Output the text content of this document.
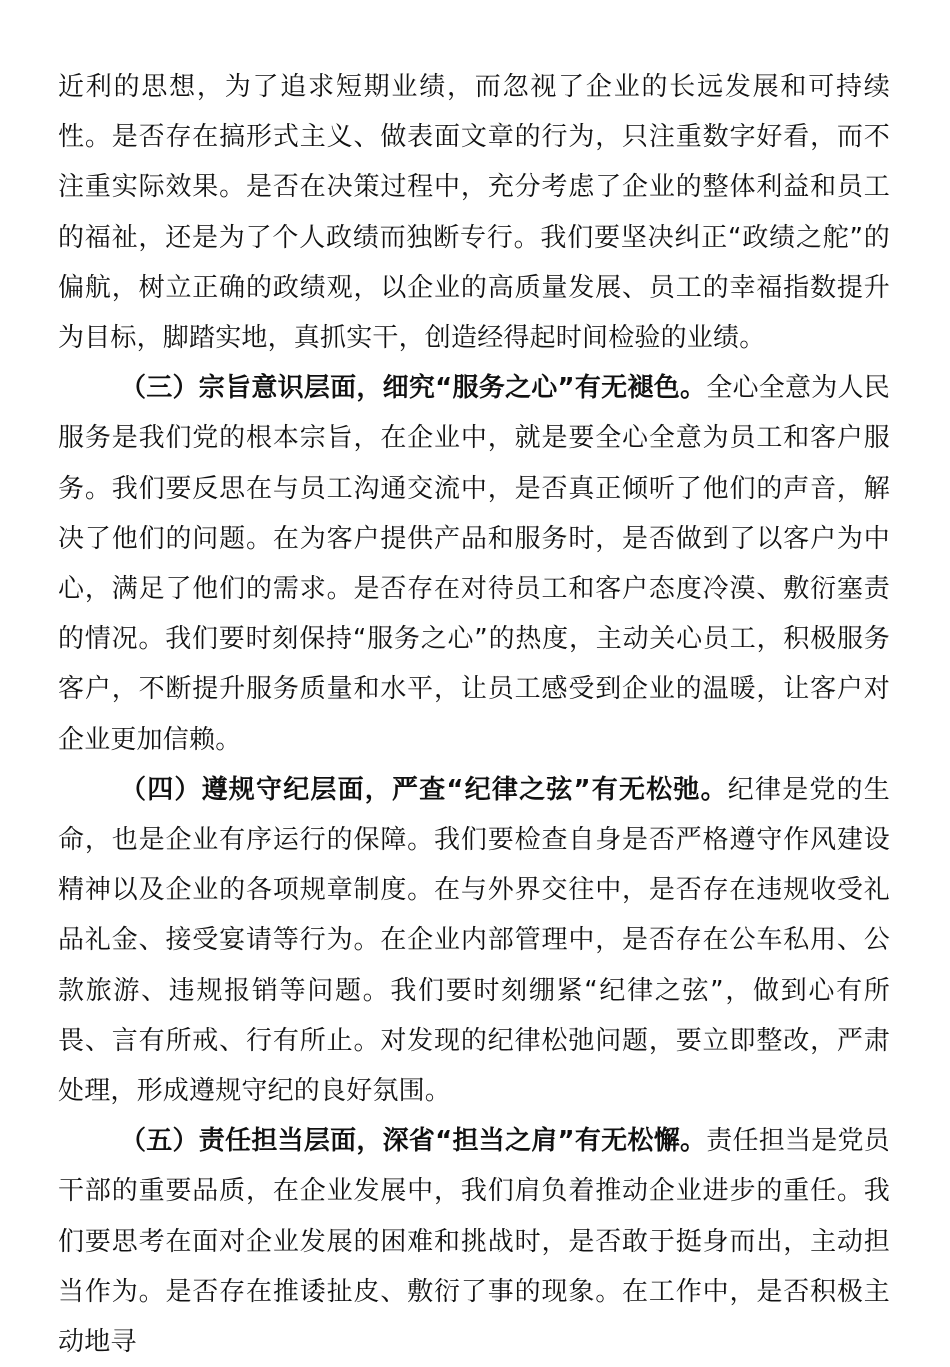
近利的思想，为了追求短期业绩，而忽视了企业的长远发展和可持续性。是否存在搞形式主义、做表面文章的行为，只注重数字好看，而不注重实际效果。是否在决策过程中，充分考虑了企业的整体利益和员工的福祉，还是为了个人政绩而独断专行。我们要坚决纠正“政绩之舵”的偏航，树立正确的政绩观，以企业的高质量发展、员工的幸福指数提升为目标，脚踏实地，真抓实干，创造经得起时间检验的业绩。

（三）宗旨意识层面，细究“服务之心”有无褪色。全心全意为人民服务是我们党的根本宗旨，在企业中，就是要全心全意为员工和客户服务。我们要反思在与员工沟通交流中，是否真正倾听了他们的声音，解决了他们的问题。在为客户提供产品和服务时，是否做到了以客户为中心，满足了他们的需求。是否存在对待员工和客户态度冷漠、敷衍塞责的情况。我们要时刻保持“服务之心”的热度，主动关心员工，积极服务客户，不断提升服务质量和水平，让员工感受到企业的温暖，让客户对企业更加信赖。

（四）遵规守纪层面，严查“纪律之弦”有无松弛。纪律是党的生命，也是企业有序运行的保障。我们要检查自身是否严格遵守作风建设精神以及企业的各项规章制度。在与外界交往中，是否存在违规收受礼品礼金、接受宴请等行为。在企业内部管理中，是否存在公车私用、公款旅游、违规报销等问题。我们要时刻绷紧“纪律之弦”，做到心有所畏、言有所戒、行有所止。对发现的纪律松弛问题，要立即整改，严肃处理，形成遵规守纪的良好氛围。

（五）责任担当层面，深省“担当之肩”有无松懈。责任担当是党员干部的重要品质，在企业发展中，我们肩负着推动企业进步的重任。我们要思考在面对企业发展的困难和挑战时，是否敢于挺身而出，主动担当作为。是否存在推诿扯皮、敷衍了事的现象。在工作中，是否积极主动地寻
